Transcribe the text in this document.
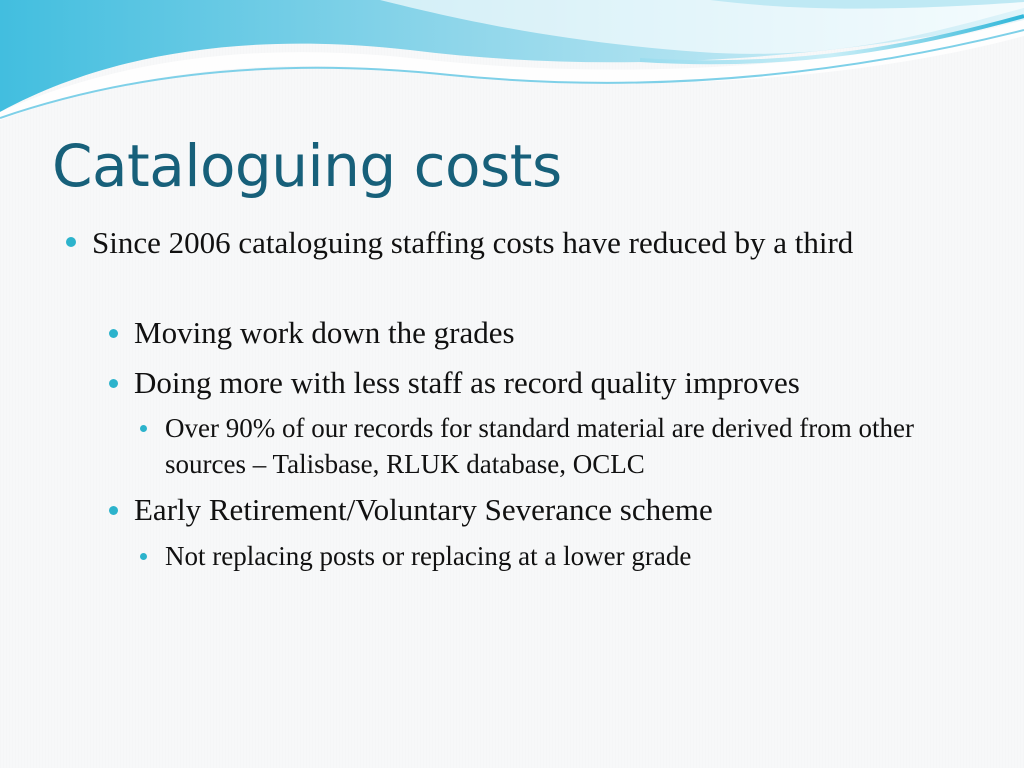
Cataloguing costs
Since 2006 cataloguing staffing costs have reduced by a third
Moving work down the grades
Doing more with less staff as record quality improves
Over 90% of our records for standard material are derived from other sources – Talisbase, RLUK database, OCLC
Early Retirement/Voluntary Severance scheme
Not replacing posts or replacing at a lower grade
